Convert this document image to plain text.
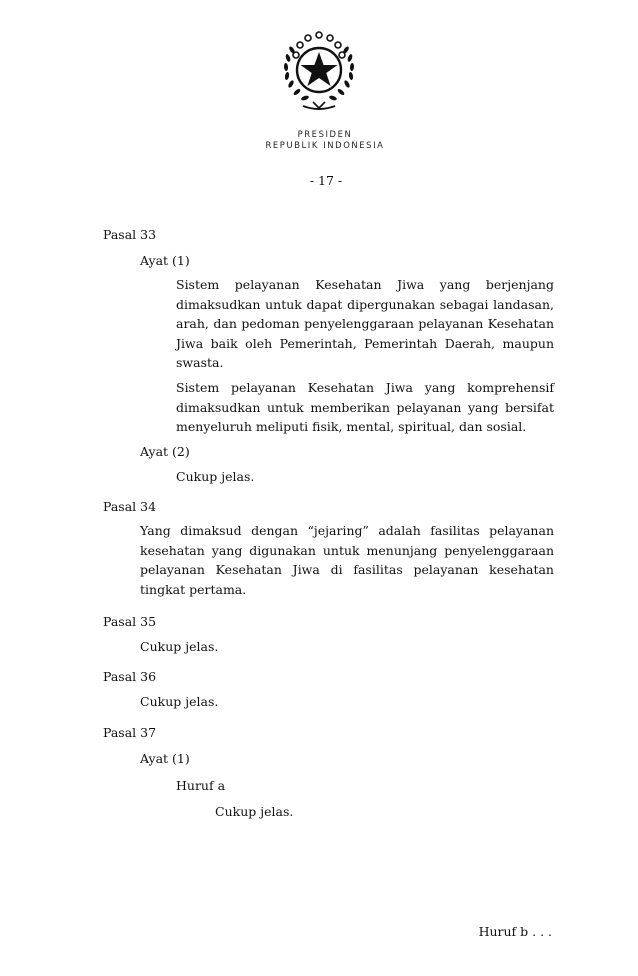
PRESIDEN
REPUBLIK INDONESIA
- 17 -
Pasal 33
Ayat (1)
Sistem pelayanan Kesehatan Jiwa yang berjenjang
dimaksudkan untuk dapat dipergunakan sebagai landasan,
arah, dan pedoman penyelenggaraan pelayanan Kesehatan
Jiwa baik oleh Pemerintah, Pemerintah Daerah, maupun
swasta.
Sistem pelayanan Kesehatan Jiwa yang komprehensif
dimaksudkan untuk memberikan pelayanan yang bersifat
menyeluruh meliputi fisik, mental, spiritual, dan sosial.
Ayat (2)
Cukup jelas.
Pasal 34
Yang dimaksud dengan “jejaring” adalah fasilitas pelayanan
kesehatan yang digunakan untuk menunjang penyelenggaraan
pelayanan Kesehatan Jiwa di fasilitas pelayanan kesehatan
tingkat pertama.
Pasal 35
Cukup jelas.
Pasal 36
Cukup jelas.
Pasal 37
Ayat (1)
Huruf a
Cukup jelas.
Huruf b . . .
